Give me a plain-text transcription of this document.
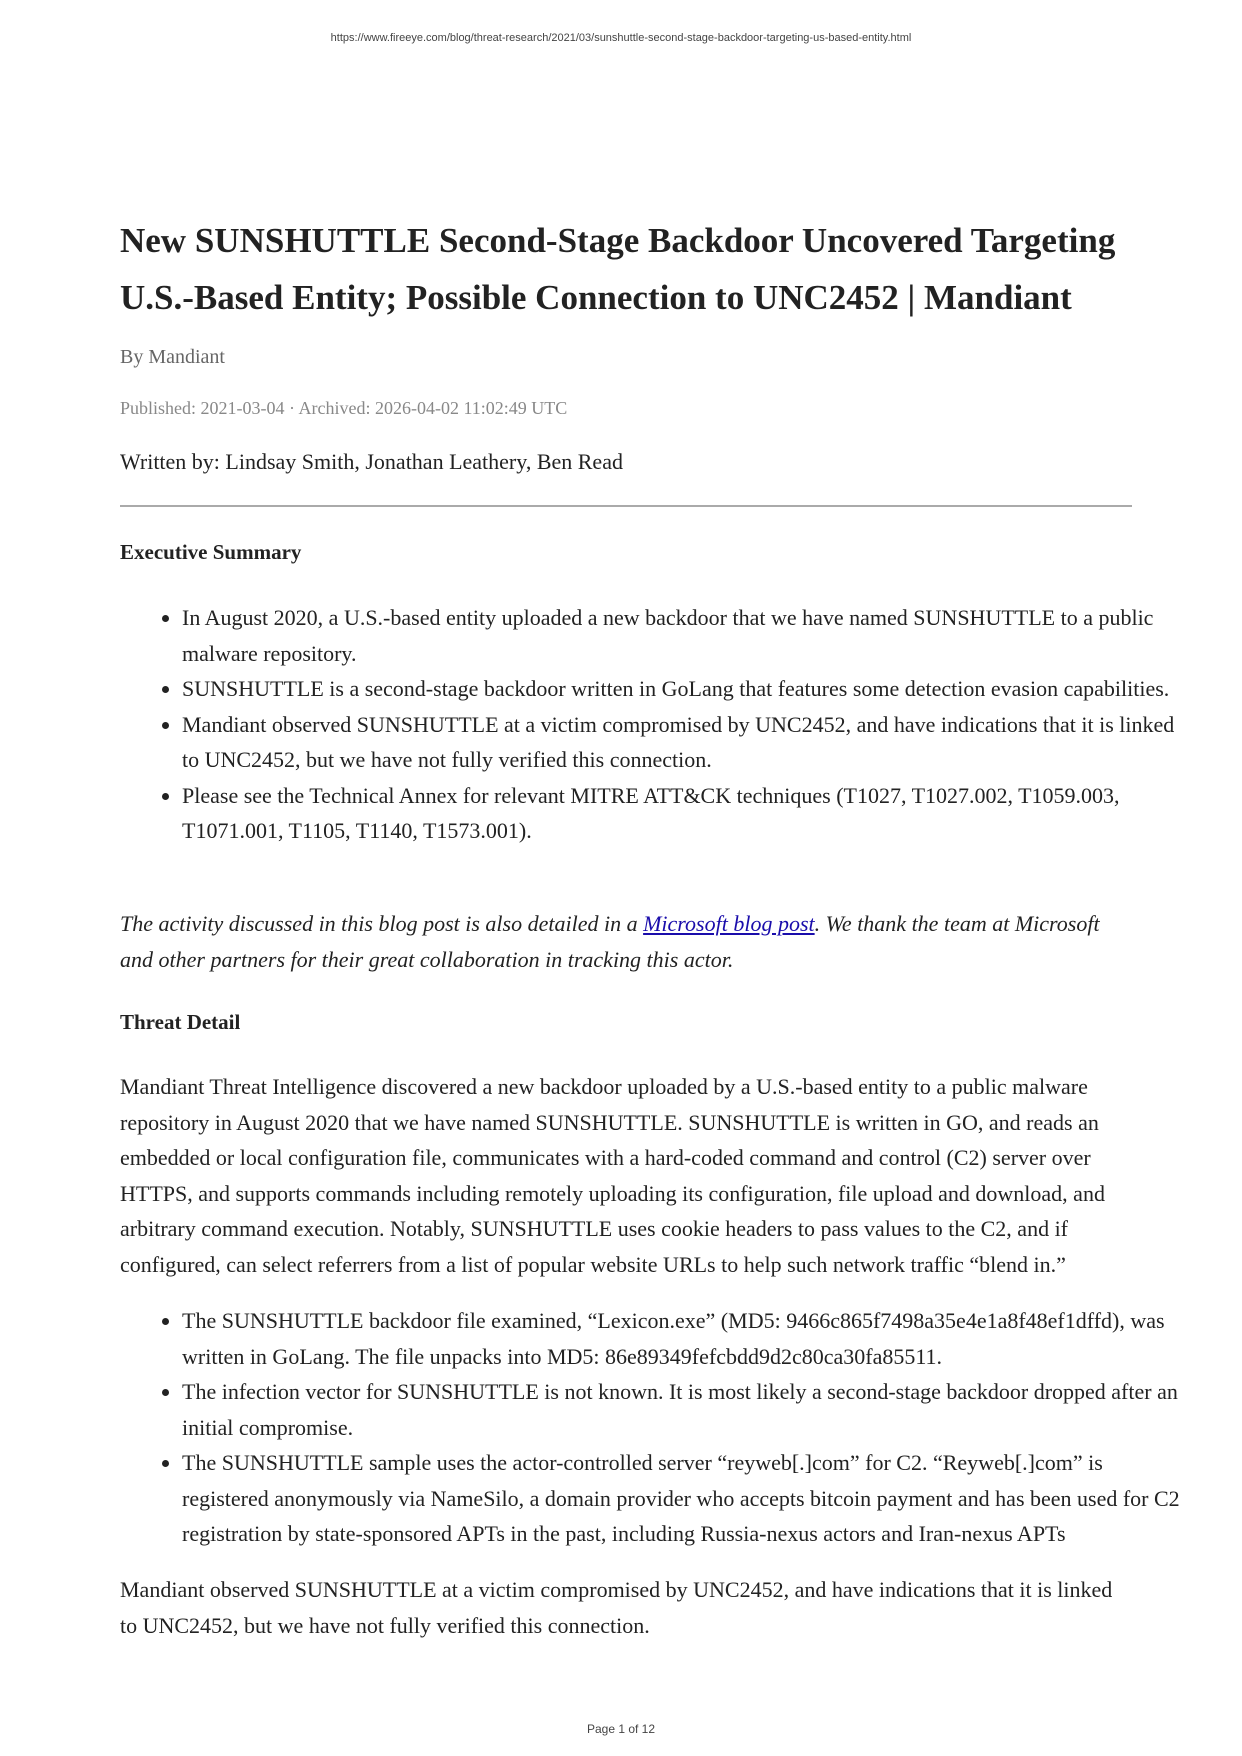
https://www.fireeye.com/blog/threat-research/2021/03/sunshuttle-second-stage-backdoor-targeting-us-based-entity.html
New SUNSHUTTLE Second-Stage Backdoor Uncovered Targeting U.S.-Based Entity; Possible Connection to UNC2452 | Mandiant
By Mandiant
Published: 2021-03-04 · Archived: 2026-04-02 11:02:49 UTC
Written by: Lindsay Smith, Jonathan Leathery, Ben Read
Executive Summary
• In August 2020, a U.S.-based entity uploaded a new backdoor that we have named SUNSHUTTLE to a public malware repository.
• SUNSHUTTLE is a second-stage backdoor written in GoLang that features some detection evasion capabilities.
• Mandiant observed SUNSHUTTLE at a victim compromised by UNC2452, and have indications that it is linked to UNC2452, but we have not fully verified this connection.
• Please see the Technical Annex for relevant MITRE ATT&CK techniques (T1027, T1027.002, T1059.003, T1071.001, T1105, T1140, T1573.001).

The activity discussed in this blog post is also detailed in a Microsoft blog post. We thank the team at Microsoft and other partners for their great collaboration in tracking this actor.

Threat Detail

Mandiant Threat Intelligence discovered a new backdoor uploaded by a U.S.-based entity to a public malware repository in August 2020 that we have named SUNSHUTTLE. SUNSHUTTLE is written in GO, and reads an embedded or local configuration file, communicates with a hard-coded command and control (C2) server over HTTPS, and supports commands including remotely uploading its configuration, file upload and download, and arbitrary command execution. Notably, SUNSHUTTLE uses cookie headers to pass values to the C2, and if configured, can select referrers from a list of popular website URLs to help such network traffic “blend in.”

• The SUNSHUTTLE backdoor file examined, “Lexicon.exe” (MD5: 9466c865f7498a35e4e1a8f48ef1dffd), was written in GoLang. The file unpacks into MD5: 86e89349fefcbdd9d2c80ca30fa85511.
• The infection vector for SUNSHUTTLE is not known. It is most likely a second-stage backdoor dropped after an initial compromise.
• The SUNSHUTTLE sample uses the actor-controlled server “reyweb[.]com” for C2. “Reyweb[.]com” is registered anonymously via NameSilo, a domain provider who accepts bitcoin payment and has been used for C2 registration by state-sponsored APTs in the past, including Russia-nexus actors and Iran-nexus APTs

Mandiant observed SUNSHUTTLE at a victim compromised by UNC2452, and have indications that it is linked to UNC2452, but we have not fully verified this connection.

Page 1 of 12
